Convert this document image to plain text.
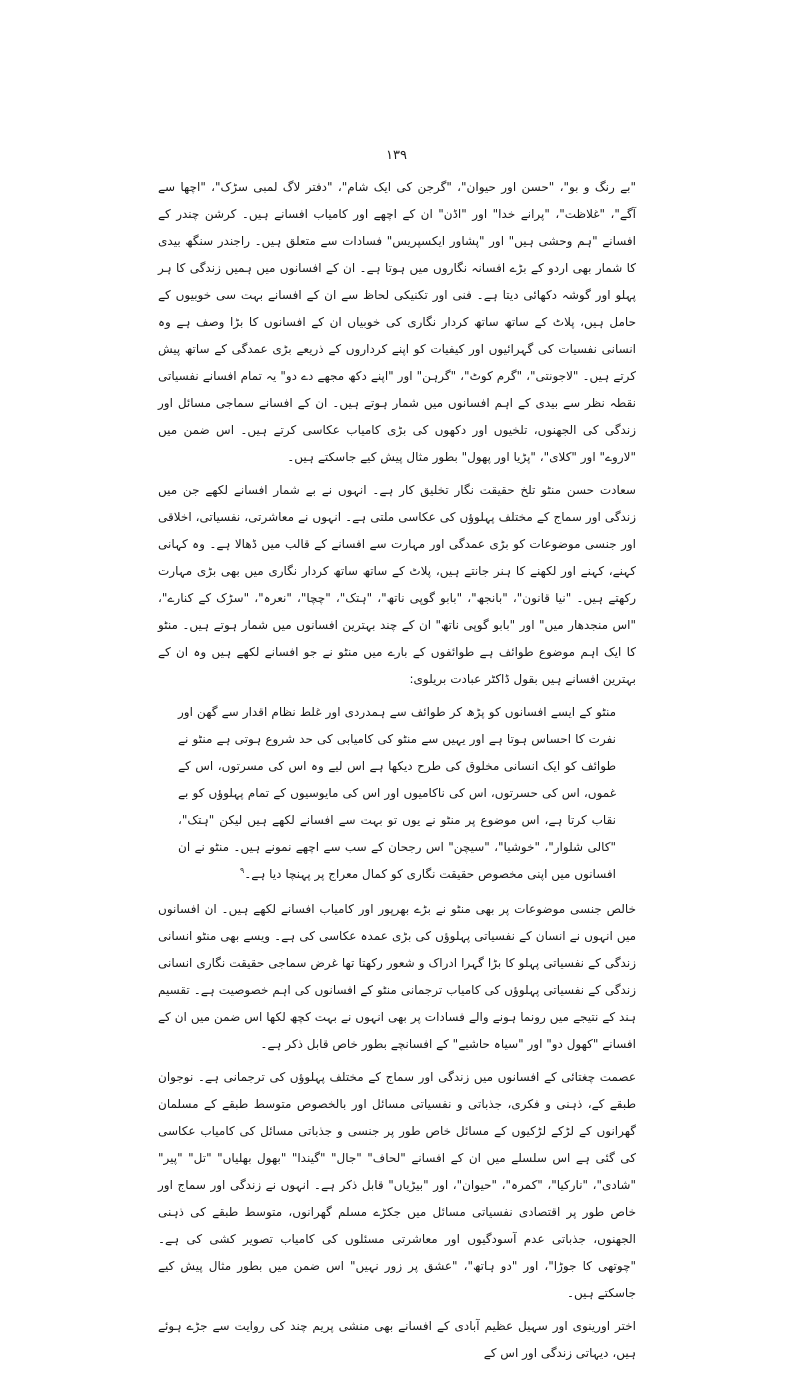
۱۳۹

"بے رنگ و بو"، "حسن اور حیوان"، "گرجن کی ایک شام"، "دفتر لاگ لمبی سڑک"، "اچھا سے آگے"، "غلاظت"، "پرانے خدا" اور "اڈن" ان کے اچھے اور کامیاب افسانے ہیں۔ کرشن چندر کے افسانے "ہم وحشی ہیں" اور "پشاور ایکسپریس" فسادات سے متعلق ہیں۔ راجندر سنگھ بیدی کا شمار بھی اردو کے بڑے افسانہ نگاروں میں ہوتا ہے۔ ان کے افسانوں میں ہمیں زندگی کا ہر پہلو اور گوشہ دکھائی دیتا ہے۔ فنی اور تکنیکی لحاظ سے ان کے افسانے بہت سی خوبیوں کے حامل ہیں، پلاٹ کے ساتھ ساتھ کردار نگاری کی خوبیاں ان کے افسانوں کا بڑا وصف ہے وہ انسانی نفسیات کی گہرائیوں اور کیفیات کو اپنے کرداروں کے ذریعے بڑی عمدگی کے ساتھ پیش کرتے ہیں۔ "لاجونتی"، "گرم کوٹ"، "گرہن" اور "اپنے دکھ مجھے دے دو" یہ تمام افسانے نفسیاتی نقطہ نظر سے بیدی کے اہم افسانوں میں شمار ہوتے ہیں۔ ان کے افسانے سماجی مسائل اور زندگی کی الجھنوں، تلخیوں اور دکھوں کی بڑی کامیاب عکاسی کرتے ہیں۔ اس ضمن میں "لاروے" اور "کلای"، "پڑیا اور پھول" بطور مثال پیش کیے جاسکتے ہیں۔

سعادت حسن منٹو تلخ حقیقت نگار تخلیق کار ہے۔ انہوں نے بے شمار افسانے لکھے جن میں زندگی اور سماج کے مختلف پہلوؤں کی عکاسی ملتی ہے۔ انہوں نے معاشرتی، نفسیاتی، اخلاقی اور جنسی موضوعات کو بڑی عمدگی اور مہارت سے افسانے کے قالب میں ڈھالا ہے۔ وہ کہانی کہنے، کہنے اور لکھنے کا ہنر جانتے ہیں، پلاٹ کے ساتھ ساتھ کردار نگاری میں بھی بڑی مہارت رکھتے ہیں۔ "نیا قانون"، "بانجھ"، "بابو گوپی ناتھ"، "ہتک"، "چچا"، "نعرہ"، "سڑک کے کنارے"، "اس منجدھار میں" اور "بابو گوپی ناتھ" ان کے چند بہترین افسانوں میں شمار ہوتے ہیں۔ منٹو کا ایک اہم موضوع طوائف ہے طوائفوں کے بارے میں منٹو نے جو افسانے لکھے ہیں وہ ان کے بہترین افسانے ہیں بقول ڈاکٹر عبادت بریلوی:

منٹو کے ایسے افسانوں کو پڑھ کر طوائف سے ہمدردی اور غلط نظام اقدار سے گھن اور نفرت کا احساس ہوتا ہے اور یہیں سے منٹو کی کامیابی کی حد شروع ہوتی ہے منٹو نے طوائف کو ایک انسانی مخلوق کی طرح دیکھا ہے اس لیے وہ اس کی مسرتوں، اس کے غموں، اس کی حسرتوں، اس کی ناکامیوں اور اس کی مایوسیوں کے تمام پہلوؤں کو بے نقاب کرتا ہے، اس موضوع پر منٹو نے یوں تو بہت سے افسانے لکھے ہیں لیکن "ہتک"، "کالی شلوار"، "خوشیا"، "سیچن" اس رجحان کے سب سے اچھے نمونے ہیں۔ منٹو نے ان افسانوں میں اپنی مخصوص حقیقت نگاری کو کمال معراج پر پہنچا دیا ہے۔$^۹$

خالص جنسی موضوعات پر بھی منٹو نے بڑے بھرپور اور کامیاب افسانے لکھے ہیں۔ ان افسانوں میں انہوں نے انسان کے نفسیاتی پہلوؤں کی بڑی عمدہ عکاسی کی ہے۔ ویسے بھی منٹو انسانی زندگی کے نفسیاتی پہلو کا بڑا گہرا ادراک و شعور رکھتا تھا غرض سماجی حقیقت نگاری انسانی زندگی کے نفسیاتی پہلوؤں کی کامیاب ترجمانی منٹو کے افسانوں کی اہم خصوصیت ہے۔ تقسیم ہند کے نتیجے میں رونما ہونے والے فسادات پر بھی انہوں نے بہت کچھ لکھا اس ضمن میں ان کے افسانے "کھول دو" اور "سیاہ حاشیے" کے افسانچے بطور خاص قابل ذکر ہے۔

عصمت چغتائی کے افسانوں میں زندگی اور سماج کے مختلف پہلوؤں کی ترجمانی ہے۔ نوجوان طبقے کے، ذہنی و فکری، جذباتی و نفسیاتی مسائل اور بالخصوص متوسط طبقے کے مسلمان گھرانوں کے لڑکے لڑکیوں کے مسائل خاص طور پر جنسی و جذباتی مسائل کی کامیاب عکاسی کی گئی ہے اس سلسلے میں ان کے افسانے "لحاف" "جال" "گیندا" "بھول بھلیاں" "تل" "پیر" "شادی"، "نارکیا"، "کمرہ"، "حیوان"، اور "بیڑیاں" قابل ذکر ہے۔ انہوں نے زندگی اور سماج اور خاص طور پر اقتصادی نفسیاتی مسائل میں جکڑے مسلم گھرانوں، متوسط طبقے کی ذہنی الجھنوں، جذباتی عدم آسودگیوں اور معاشرتی مسئلوں کی کامیاب تصویر کشی کی ہے۔ "چوتھی کا جوڑا"، اور "دو ہاتھ"، "عشق پر زور نہیں" اس ضمن میں بطور مثال پیش کیے جاسکتے ہیں۔

اختر اورینوی اور سہیل عظیم آبادی کے افسانے بھی منشی پریم چند کی روایت سے جڑے ہوئے ہیں، دیہاتی زندگی اور اس کے
